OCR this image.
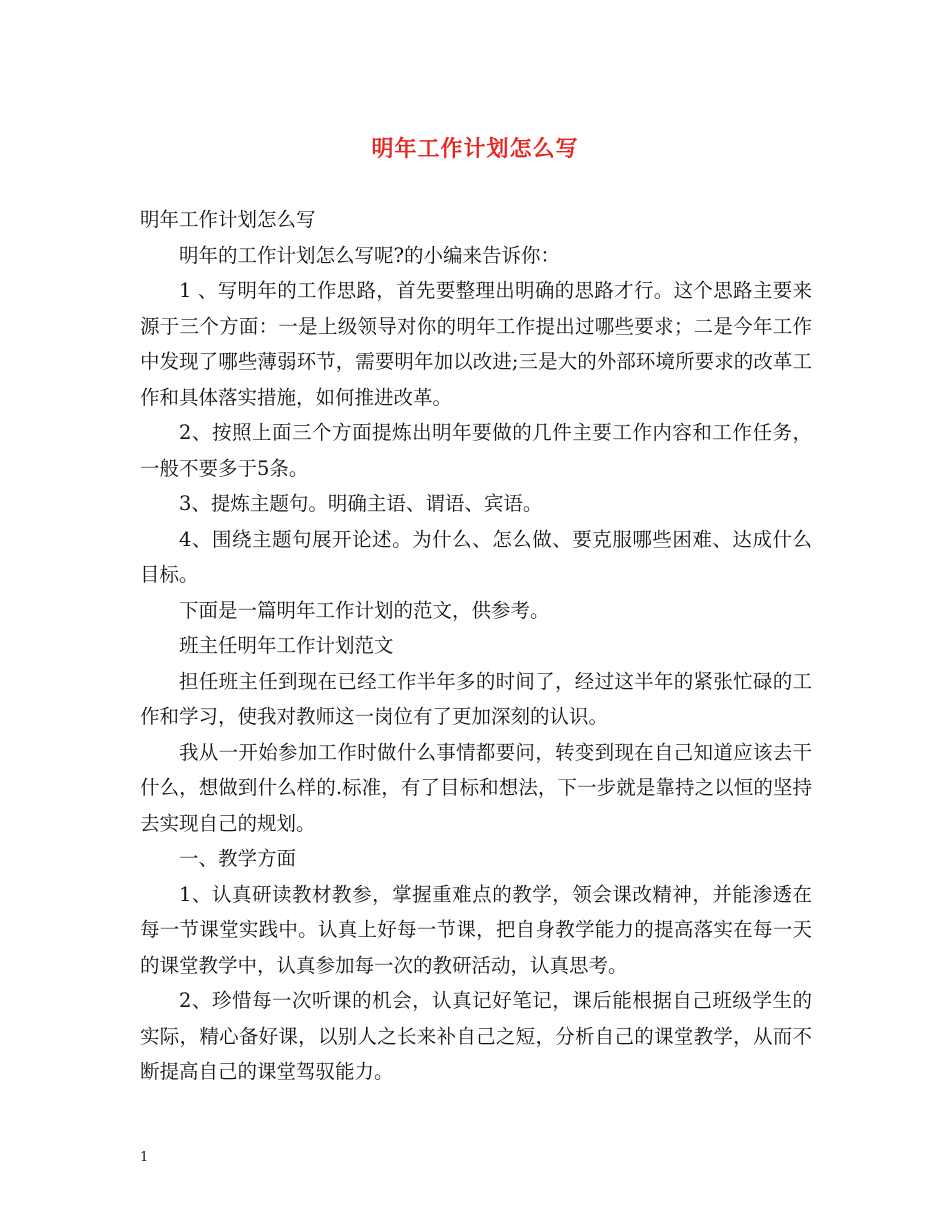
明年工作计划怎么写

明年工作计划怎么写

明年的工作计划怎么写呢?的小编来告诉你：

1 、写明年的工作思路，首先要整理出明确的思路才行。这个思路主要来源于三个方面：一是上级领导对你的明年工作提出过哪些要求；二是今年工作中发现了哪些薄弱环节，需要明年加以改进;三是大的外部环境所要求的改革工作和具体落实措施，如何推进改革。

2、按照上面三个方面提炼出明年要做的几件主要工作内容和工作任务，一般不要多于5条。

3、提炼主题句。明确主语、谓语、宾语。

4、围绕主题句展开论述。为什么、怎么做、要克服哪些困难、达成什么目标。

下面是一篇明年工作计划的范文，供参考。

班主任明年工作计划范文

担任班主任到现在已经工作半年多的时间了，经过这半年的紧张忙碌的工作和学习，使我对教师这一岗位有了更加深刻的认识。

我从一开始参加工作时做什么事情都要问，转变到现在自己知道应该去干什么，想做到什么样的.标准，有了目标和想法，下一步就是靠持之以恒的坚持去实现自己的规划。

一、教学方面

1、认真研读教材教参，掌握重难点的教学，领会课改精神，并能渗透在每一节课堂实践中。认真上好每一节课，把自身教学能力的提高落实在每一天的课堂教学中，认真参加每一次的教研活动，认真思考。

2、珍惜每一次听课的机会，认真记好笔记，课后能根据自己班级学生的实际，精心备好课，以别人之长来补自己之短，分析自己的课堂教学，从而不断提高自己的课堂驾驭能力。

1
